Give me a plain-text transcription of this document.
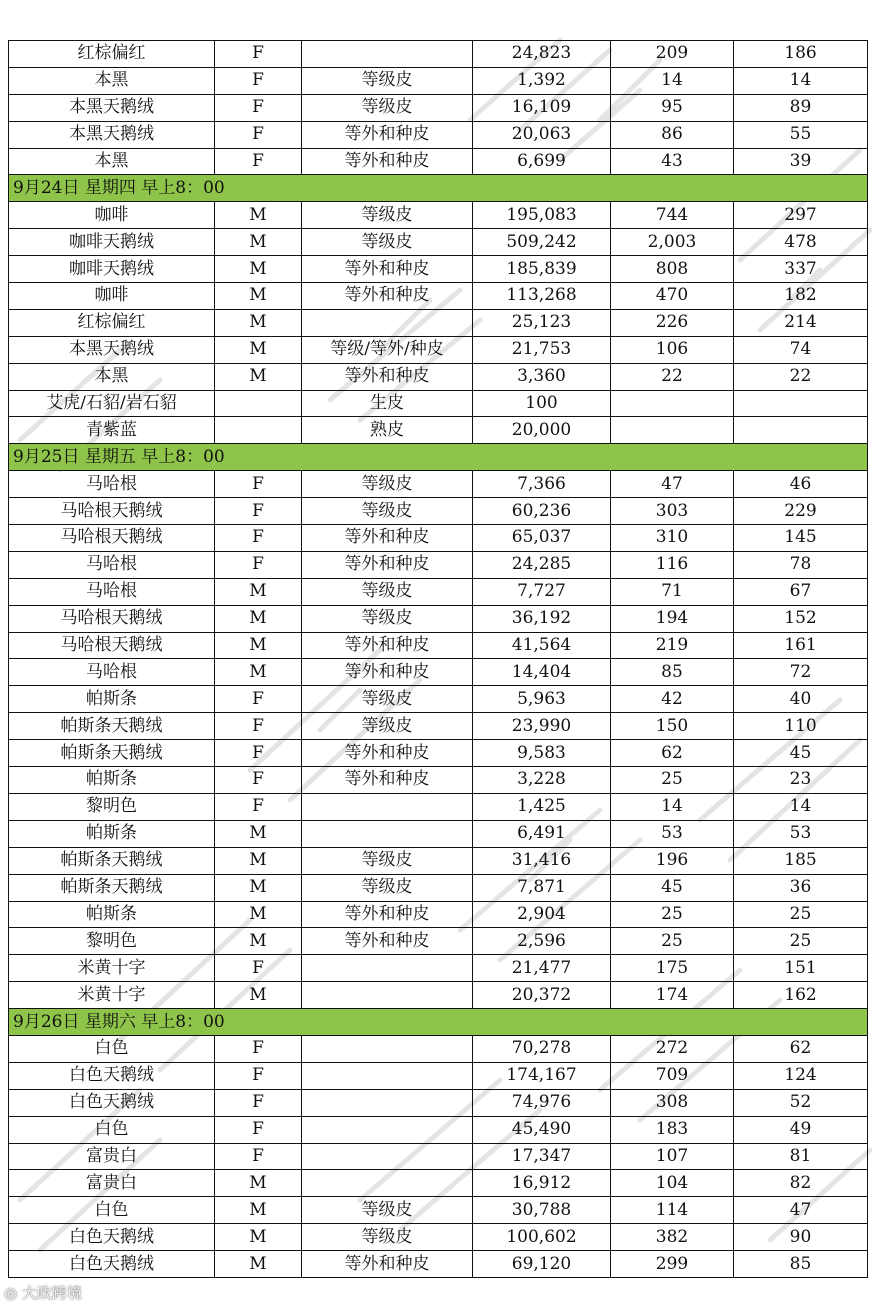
红棕偏红	F		24,823	209	186
本黑	F	等级皮	1,392	14	14
本黑天鹅绒	F	等级皮	16,109	95	89
本黑天鹅绒	F	等外和种皮	20,063	86	55
本黑	F	等外和种皮	6,699	43	39
9月24日 星期四 早上8：00					
咖啡	M	等级皮	195,083	744	297
咖啡天鹅绒	M	等级皮	509,242	2,003	478
咖啡天鹅绒	M	等外和种皮	185,839	808	337
咖啡	M	等外和种皮	113,268	470	182
红棕偏红	M		25,123	226	214
本黑天鹅绒	M	等级/等外/种皮	21,753	106	74
本黑	M	等外和种皮	3,360	22	22
艾虎/石貂/岩石貂		生皮	100		
青紫蓝		熟皮	20,000		
9月25日 星期五 早上8：00					
马哈根	F	等级皮	7,366	47	46
马哈根天鹅绒	F	等级皮	60,236	303	229
马哈根天鹅绒	F	等外和种皮	65,037	310	145
马哈根	F	等外和种皮	24,285	116	78
马哈根	M	等级皮	7,727	71	67
马哈根天鹅绒	M	等级皮	36,192	194	152
马哈根天鹅绒	M	等外和种皮	41,564	219	161
马哈根	M	等外和种皮	14,404	85	72
帕斯条	F	等级皮	5,963	42	40
帕斯条天鹅绒	F	等级皮	23,990	150	110
帕斯条天鹅绒	F	等外和种皮	9,583	62	45
帕斯条	F	等外和种皮	3,228	25	23
黎明色	F		1,425	14	14
帕斯条	M		6,491	53	53
帕斯条天鹅绒	M	等级皮	31,416	196	185
帕斯条天鹅绒	M	等级皮	7,871	45	36
帕斯条	M	等外和种皮	2,904	25	25
黎明色	M	等外和种皮	2,596	25	25
米黄十字	F		21,477	175	151
米黄十字	M		20,372	174	162
9月26日 星期六 早上8：00					
白色	F		70,278	272	62
白色天鹅绒	F		174,167	709	124
白色天鹅绒	F		74,976	308	52
白色	F		45,490	183	49
富贵白	F		17,347	107	81
富贵白	M		16,912	104	82
白色	M	等级皮	30,788	114	47
白色天鹅绒	M	等级皮	100,602	382	90
白色天鹅绒	M	等外和种皮	69,120	299	85
◎ 大政跨境
